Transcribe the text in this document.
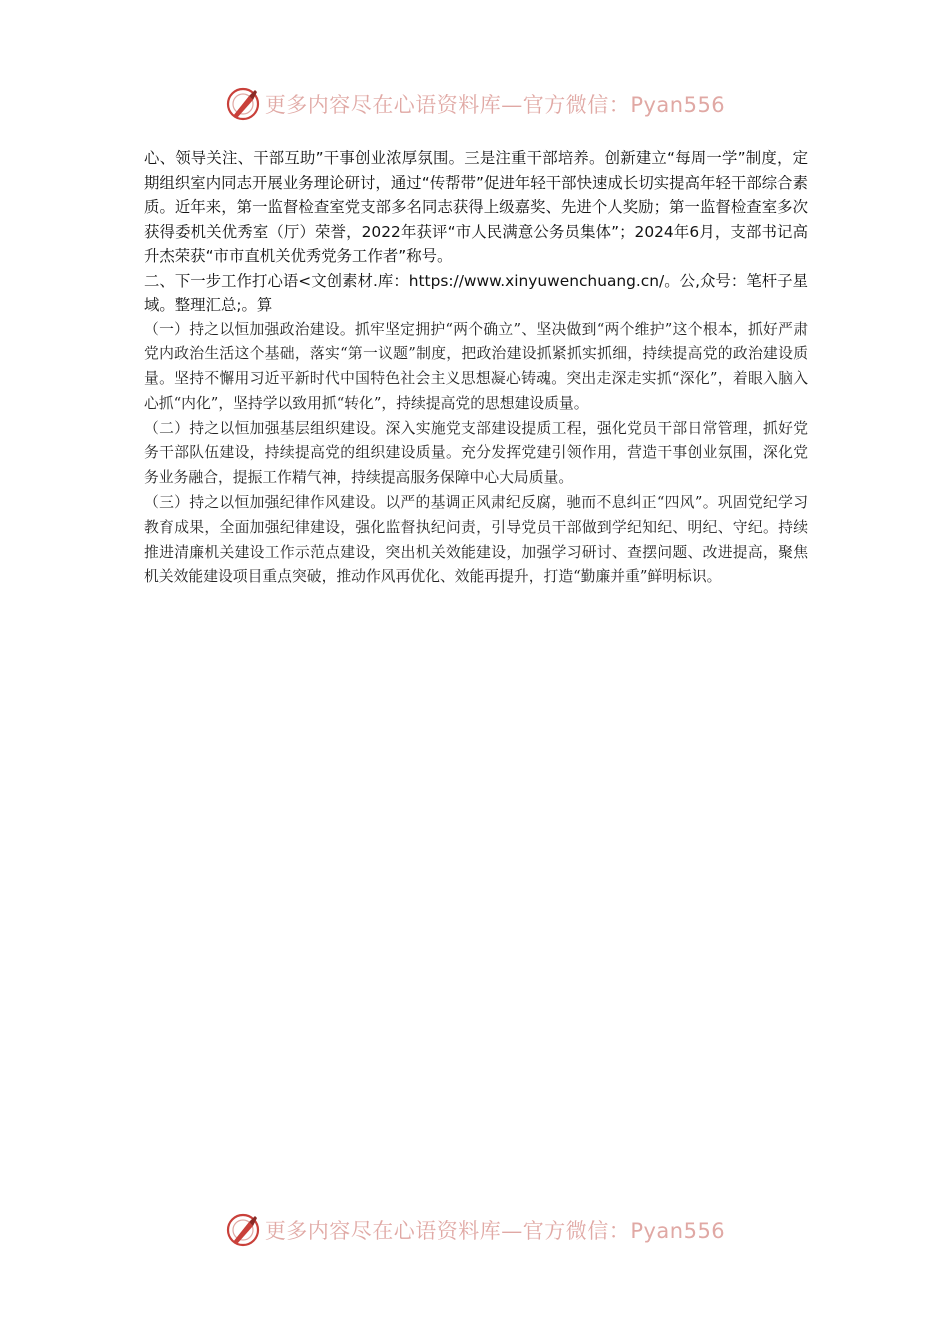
更多内容尽在心语资料库—官方微信：Pyan556

心、领导关注、干部互助”干事创业浓厚氛围。三是注重干部培养。创新建立“每周一学”制度，定期组织室内同志开展业务理论研讨，通过“传帮带”促进年轻干部快速成长切实提高年轻干部综合素质。近年来，第一监督检查室党支部多名同志获得上级嘉奖、先进个人奖励；第一监督检查室多次获得委机关优秀室（厅）荣誉，2022年获评“市人民满意公务员集体”；2024年6月，支部书记高升杰荣获“市市直机关优秀党务工作者”称号。

二、下一步工作打心语<文创素材.库：https://www.xinyuwenchuang.cn/。公,众号：笔杆子星域。整理汇总;。算

（一）持之以恒加强政治建设。抓牢坚定拥护“两个确立”、坚决做到“两个维护”这个根本，抓好严肃党内政治生活这个基础，落实“第一议题”制度，把政治建设抓紧抓实抓细，持续提高党的政治建设质量。坚持不懈用习近平新时代中国特色社会主义思想凝心铸魂。突出走深走实抓“深化”，着眼入脑入心抓“内化”，坚持学以致用抓“转化”，持续提高党的思想建设质量。

（二）持之以恒加强基层组织建设。深入实施党支部建设提质工程，强化党员干部日常管理，抓好党务干部队伍建设，持续提高党的组织建设质量。充分发挥党建引领作用，营造干事创业氛围，深化党务业务融合，提振工作精气神，持续提高服务保障中心大局质量。

（三）持之以恒加强纪律作风建设。以严的基调正风肃纪反腐，驰而不息纠正“四风”。巩固党纪学习教育成果，全面加强纪律建设，强化监督执纪问责，引导党员干部做到学纪知纪、明纪、守纪。持续推进清廉机关建设工作示范点建设，突出机关效能建设，加强学习研讨、查摆问题、改进提高，聚焦机关效能建设项目重点突破，推动作风再优化、效能再提升，打造“勤廉并重”鲜明标识。

更多内容尽在心语资料库—官方微信：Pyan556
